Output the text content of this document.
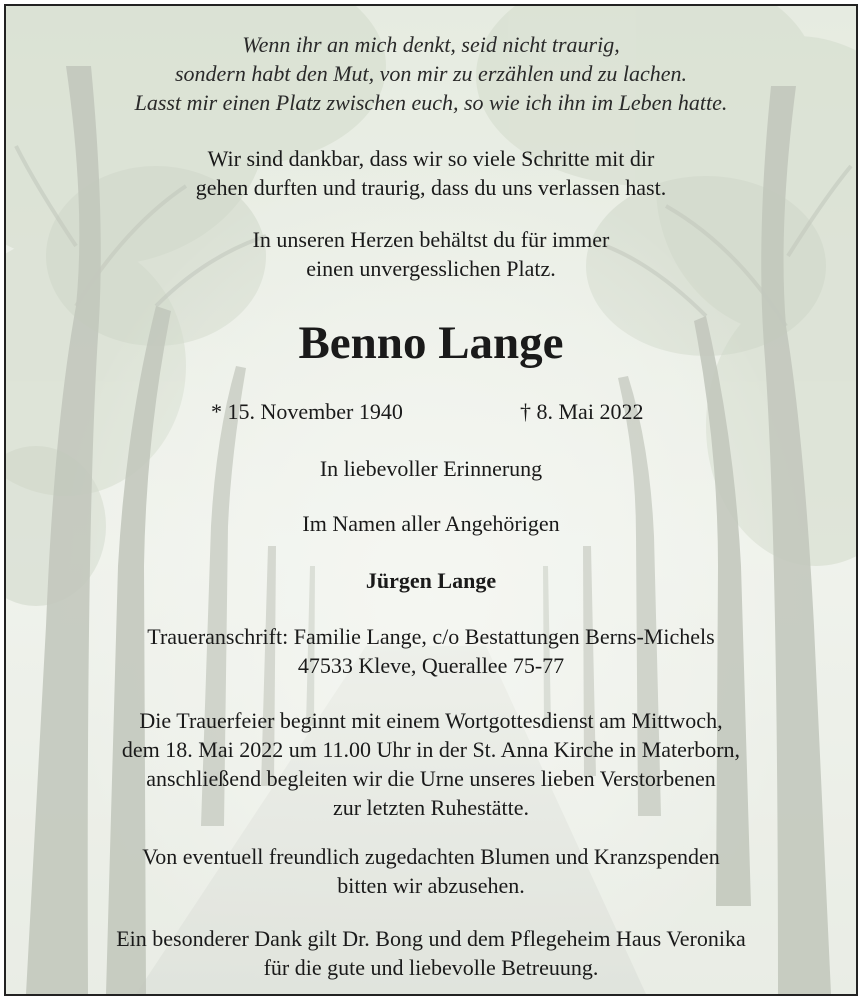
Wenn ihr an mich denkt, seid nicht traurig,
sondern habt den Mut, von mir zu erzählen und zu lachen.
Lasst mir einen Platz zwischen euch, so wie ich ihn im Leben hatte.
Wir sind dankbar, dass wir so viele Schritte mit dir
gehen durften und traurig, dass du uns verlassen hast.
In unseren Herzen behältst du für immer
einen unvergesslichen Platz.
Benno Lange
* 15. November 1940	† 8. Mai 2022
In liebevoller Erinnerung
Im Namen aller Angehörigen
Jürgen Lange
Traueranschrift: Familie Lange, c/o Bestattungen Berns-Michels
47533 Kleve, Querallee 75-77
Die Trauerfeier beginnt mit einem Wortgottesdienst am Mittwoch,
dem 18. Mai 2022 um 11.00 Uhr in der St. Anna Kirche in Materborn,
anschließend begleiten wir die Urne unseres lieben Verstorbenen
zur letzten Ruhestätte.
Von eventuell freundlich zugedachten Blumen und Kranzspenden
bitten wir abzusehen.
Ein besonderer Dank gilt Dr. Bong und dem Pflegeheim Haus Veronika
für die gute und liebevolle Betreuung.
